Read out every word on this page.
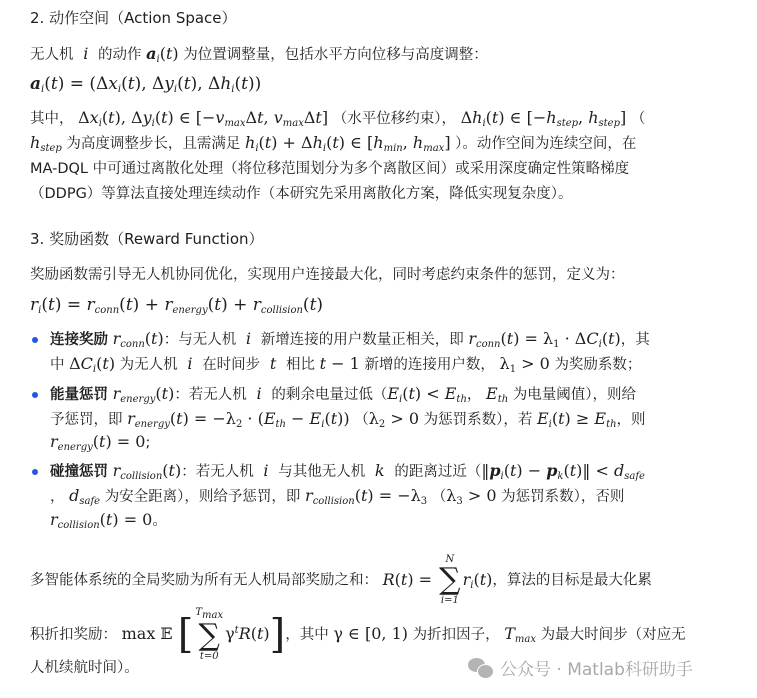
2. 动作空间（Action Space）
无人机  i  的动作 $a_i(t)$ 为位置调整量，包括水平方向位移与高度调整：
$a_i(t) = (\Delta x_i(t)$, $\Delta y_i(t)$, $\Delta h_i(t)$)
其中， $\Delta x_i(t)$, $\Delta y_i(t)$ ∈ [$-v_{max}\Delta t$, $v_{max}\Delta t$] （水平位移约束）， $\Delta h_i(t)$ ∈ [$-h_{step}$, $h_{step}$] （
$h_{step}$ 为高度调整步长，且需满足 $h_i(t) + \Delta h_i(t)$ ∈ [$h_{min}$, $h_{max}$] ）。动作空间为连续空间，在
MA-DQL 中可通过离散化处理（将位移范围划分为多个离散区间）或采用深度确定性策略梯度
（DDPG）等算法直接处理连续动作（本研究先采用离散化方案，降低实现复杂度）。
3. 奖励函数（Reward Function）
奖励函数需引导无人机协同优化，实现用户连接最大化，同时考虑约束条件的惩罚，定义为：
$r_i(t) = r_{conn}(t) + r_{energy}(t) + r_{collision}(t)$
连接奖励 $r_{conn}(t)$：与无人机  i  新增连接的用户数量正相关，即 $r_{conn}(t) = \lambda_1 \cdot \Delta C_i(t)$，其
中 $\Delta C_i(t)$ 为无人机  i  在时间步  t  相比 t − 1 新增的连接用户数， $\lambda_1 > 0$ 为奖励系数；
能量惩罚 $r_{energy}(t)$：若无人机  i  的剩余电量过低（$E_i(t) < E_{th}$， $E_{th}$ 为电量阈值），则给
予惩罚，即 $r_{energy}(t) = -\lambda_2 \cdot (E_{th} - E_i(t)) (\lambda_2 > 0$ 为惩罚系数），若 $E_i(t) \ge E_{th}$，则
$r_{energy}(t) = 0$;
碰撞惩罚 $r_{collision}(t)$：若无人机  i  与其他无人机  k  的距离过近（$‖p_i(t)$ − $p_k(t)‖ < d_{safe}$
， $d_{safe}$ 为安全距离），则给予惩罚，即 $r_{collision}(t) = -\lambda_3$ （$\lambda_3 > 0$ 为惩罚系数），否则
$r_{collision}(t) = 0$。
多智能体系统的全局奖励为所有无人机局部奖励之和： R(t) =
N
∑
i=1
$r_i(t)$，算法的目标是最大化累
积折扣奖励： max 𝔼 [ $T_{max}$
∑
t=0
$\gamma^tR(t)$]，其中 γ ∈ [0, 1) 为折扣因子， $T_{max}$ 为最大时间步（对应无
人机续航时间）。	公众号 · Matlab科研助手
